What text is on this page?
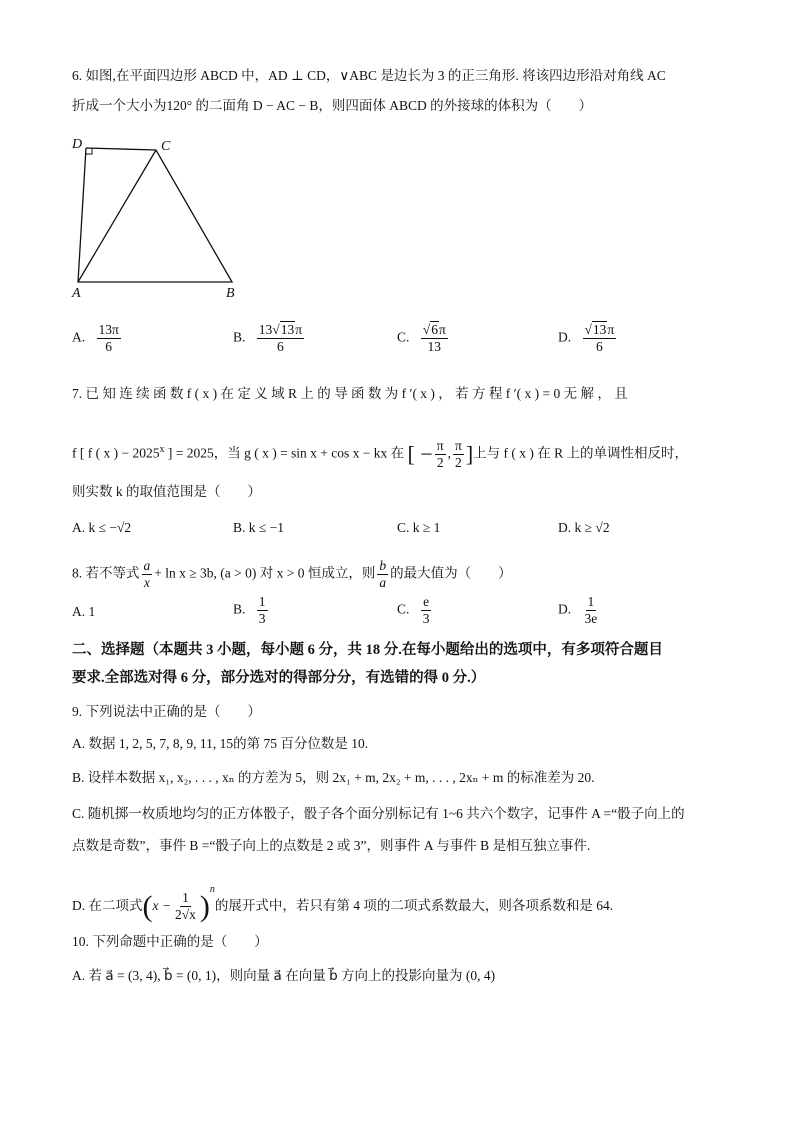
6. 如图,在平面四边形 ABCD 中，AD ⊥ CD，∨ABC 是边长为 3 的正三角形. 将该四边形沿对角线 AC
折成一个大小为120° 的二面角 D − AC − B，则四面体 ABCD 的外接球的体积为（　　）
D	C
A	B
A. $\frac{13\pi}{6}$	B. $\frac{13√13\pi}{6}$	C. $\frac{√6\pi}{13}$	D. $\frac{√13\pi}{6}$
7. 已 知 连 续 函 数 f ( x ) 在 定 义 域 R 上 的 导 函 数 为 f ′( x ) ， 若 方 程 f ′( x ) = 0 无 解 ， 且
f [ f ( x ) − $2025^x$ ] = 2025，当 g ( x ) = sin x + cos x − kx 在 [ − $\frac{\pi}{2}$ , $\frac{\pi}{2}$ ]上与 f ( x ) 在 R 上的单调性相反时，
则实数 k 的取值范围是（　　）
A. k ≤ −√2	B. k ≤ −1	C. k ≥ 1	D. k ≥ √2
8. 若不等式 $\frac{a}{x} + \ln x \ge 3b$, (a > 0) 对 x > 0 恒成立，则 $\frac{b}{a}$ 的最大值为（　　）
A. 1	B. $\frac{1}{3}$	C. $\frac{e}{3}$	D. $\frac{1}{3e}$
二、选择题（本题共 3 小题，每小题 6 分，共 18 分.在每小题给出的选项中，有多项符合题目
要求.全部选对得 6 分，部分选对的得部分分，有选错的得 0 分.）
9. 下列说法中正确的是（　　）
A. 数据 1, 2, 5, 7, 8, 9, 11, 15的第 75 百分位数是 10.
B. 设样本数据 x₁, x₂, . . . , xₙ 的方差为 5，则 2x₁ + m, 2x₂ + m, . . . , 2xₙ + m 的标准差为 20.
C. 随机掷一枚质地均匀的正方体骰子，骰子各个面分别标记有 1~6 共六个数字，记事件 A =“骰子向上的
点数是奇数”，事件 B =“骰子向上的点数是 2 或 3”，则事件 A 与事件 B 是相互独立事件.
D. 在二项式$(x - \frac{1}{2√x} )^n$的展开式中，若只有第 4 项的二项式系数最大，则各项系数和是 64.
10. 下列命题中正确的是（　　）
A. 若 a⃗ = (3, 4), b⃗ = (0, 1)，则向量 a⃗ 在向量 b⃗ 方向上的投影向量为 (0, 4)
